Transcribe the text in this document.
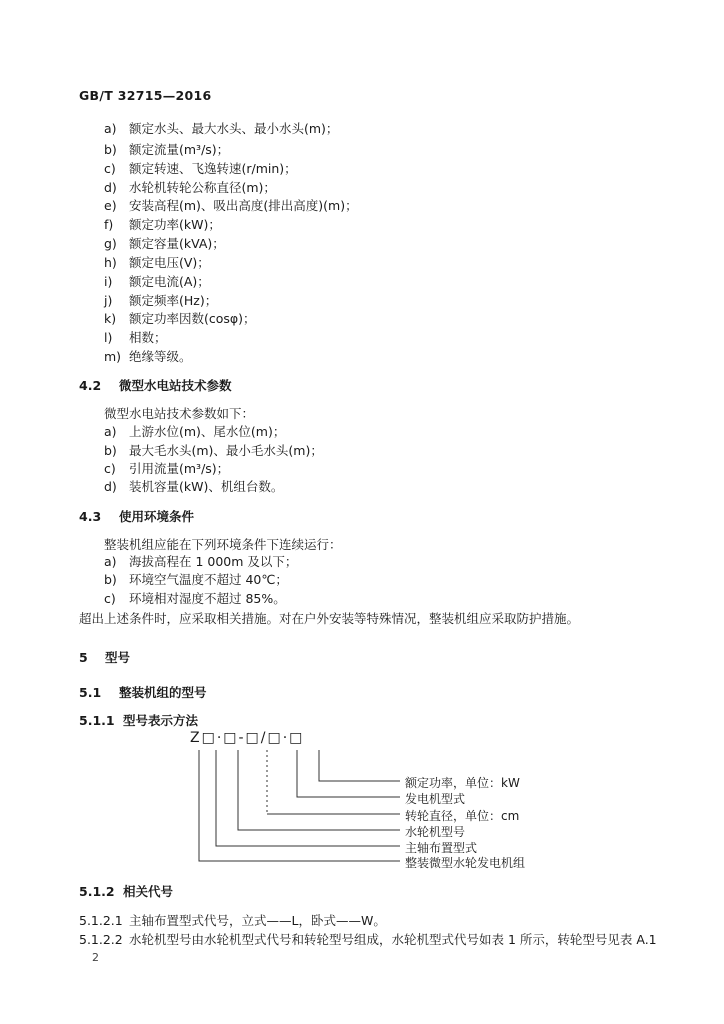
GB/T 32715—2016
a) 额定水头、最大水头、最小水头(m)；
b) 额定流量(m³/s)；
c)	额定转速、飞逸转速(r/min)；
d) 水轮机转轮公称直径(m)；
e) 安装高程(m)、吸出高度(排出高度)(m)；
f)	额定功率(kW)；
g) 额定容量(kVA)；
h) 额定电压(V)；
i)	额定电流(A)；
j)	额定频率(Hz)；
k)	额定功率因数(cosφ)；
l)	相数；
m) 绝缘等级。
4.2 微型水电站技术参数
微型水电站技术参数如下：
a) 上游水位(m)、尾水位(m)；
b) 最大毛水头(m)、最小毛水头(m)；
c)	引用流量(m³/s)；
d) 装机容量(kW)、机组台数。
4.3 使用环境条件
整装机组应能在下列环境条件下连续运行：
a) 海拔高程在 1 000m 及以下；
b) 环境空气温度不超过 40℃；
c)	环境相对湿度不超过 85%。
超出上述条件时，应采取相关措施。对在户外安装等特殊情况，整装机组应采取防护措施。
5 型号
5.1 整装机组的型号
5.1.1 型号表示方法
Z□·□-□/□·□
额定功率，单位：kW
发电机型式
转轮直径，单位：cm
水轮机型号
主轴布置型式
整装微型水轮发电机组
5.1.2 相关代号
5.1.2.1 主轴布置型式代号，立式——L，卧式——W。
5.1.2.2 水轮机型号由水轮机型式代号和转轮型号组成，水轮机型式代号如表 1 所示，转轮型号见表 A.1
2
